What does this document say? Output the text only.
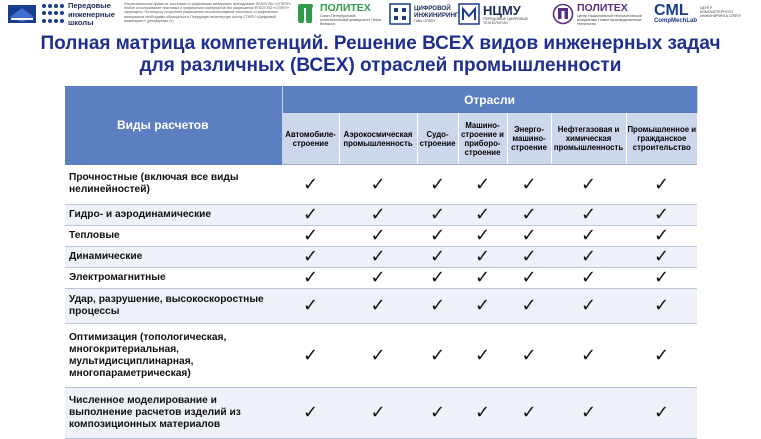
Передовые инженерные школы
Исключительные права на текстовые и графические материалы принадлежат ФГАОУ ВО «СПбПУ». Любое использование текстовых и графических материалов без разрешения ФГАОУ ВО «СПбПУ» запрещено. По вопросу получения разрешения на использование текстовых и графических материалов необходимо обращаться в Передовую инженерную школу СПбПУ «Цифровой инжиниринг» (peir@spbstu.ru)
ПОЛИТЕХ
Санкт-Петербургский политехнический университет Петра Великого
ЦИФРОВОЙ ИНЖИНИРИНГ
ПИШ СПбПУ
НЦМУ
ПЕРЕДОВЫЕ ЦИФРОВЫЕ ТЕХНОЛОГИИ
ПОЛИТЕХ
Центр Национальной технологической инициативы Новые производственные технологии
CML
CompMechLab
ЦЕНТР КОМПЬЮТЕРНОГО ИНЖИНИРИНГА СПбПУ
Полная матрица компетенций. Решение ВСЕХ видов инженерных задач
для различных (ВСЕХ) отраслей промышленности
Виды расчетов	Отрасли						
	Автомобиле-строение	Аэрокосмическая промышленность	Судо-строение	Машино-строение и приборо-строение	Энерго-машино-строение	Нефтегазовая и химическая промышленность	Промышленное и гражданское строительство
Прочностные (включая все виды нелинейностей)	✓	✓	✓	✓	✓	✓	✓
Гидро- и аэродинамические	✓	✓	✓	✓	✓	✓	✓
Тепловые	✓	✓	✓	✓	✓	✓	✓
Динамические	✓	✓	✓	✓	✓	✓	✓
Электромагнитные	✓	✓	✓	✓	✓	✓	✓
Удар, разрушение, высокоскоростные процессы	✓	✓	✓	✓	✓	✓	✓
Оптимизация (топологическая, многокритериальная, мультидисциплинарная, многопараметрическая)	✓	✓	✓	✓	✓	✓	✓
Численное моделирование и выполнение расчетов изделий из композиционных материалов	✓	✓	✓	✓	✓	✓	✓
